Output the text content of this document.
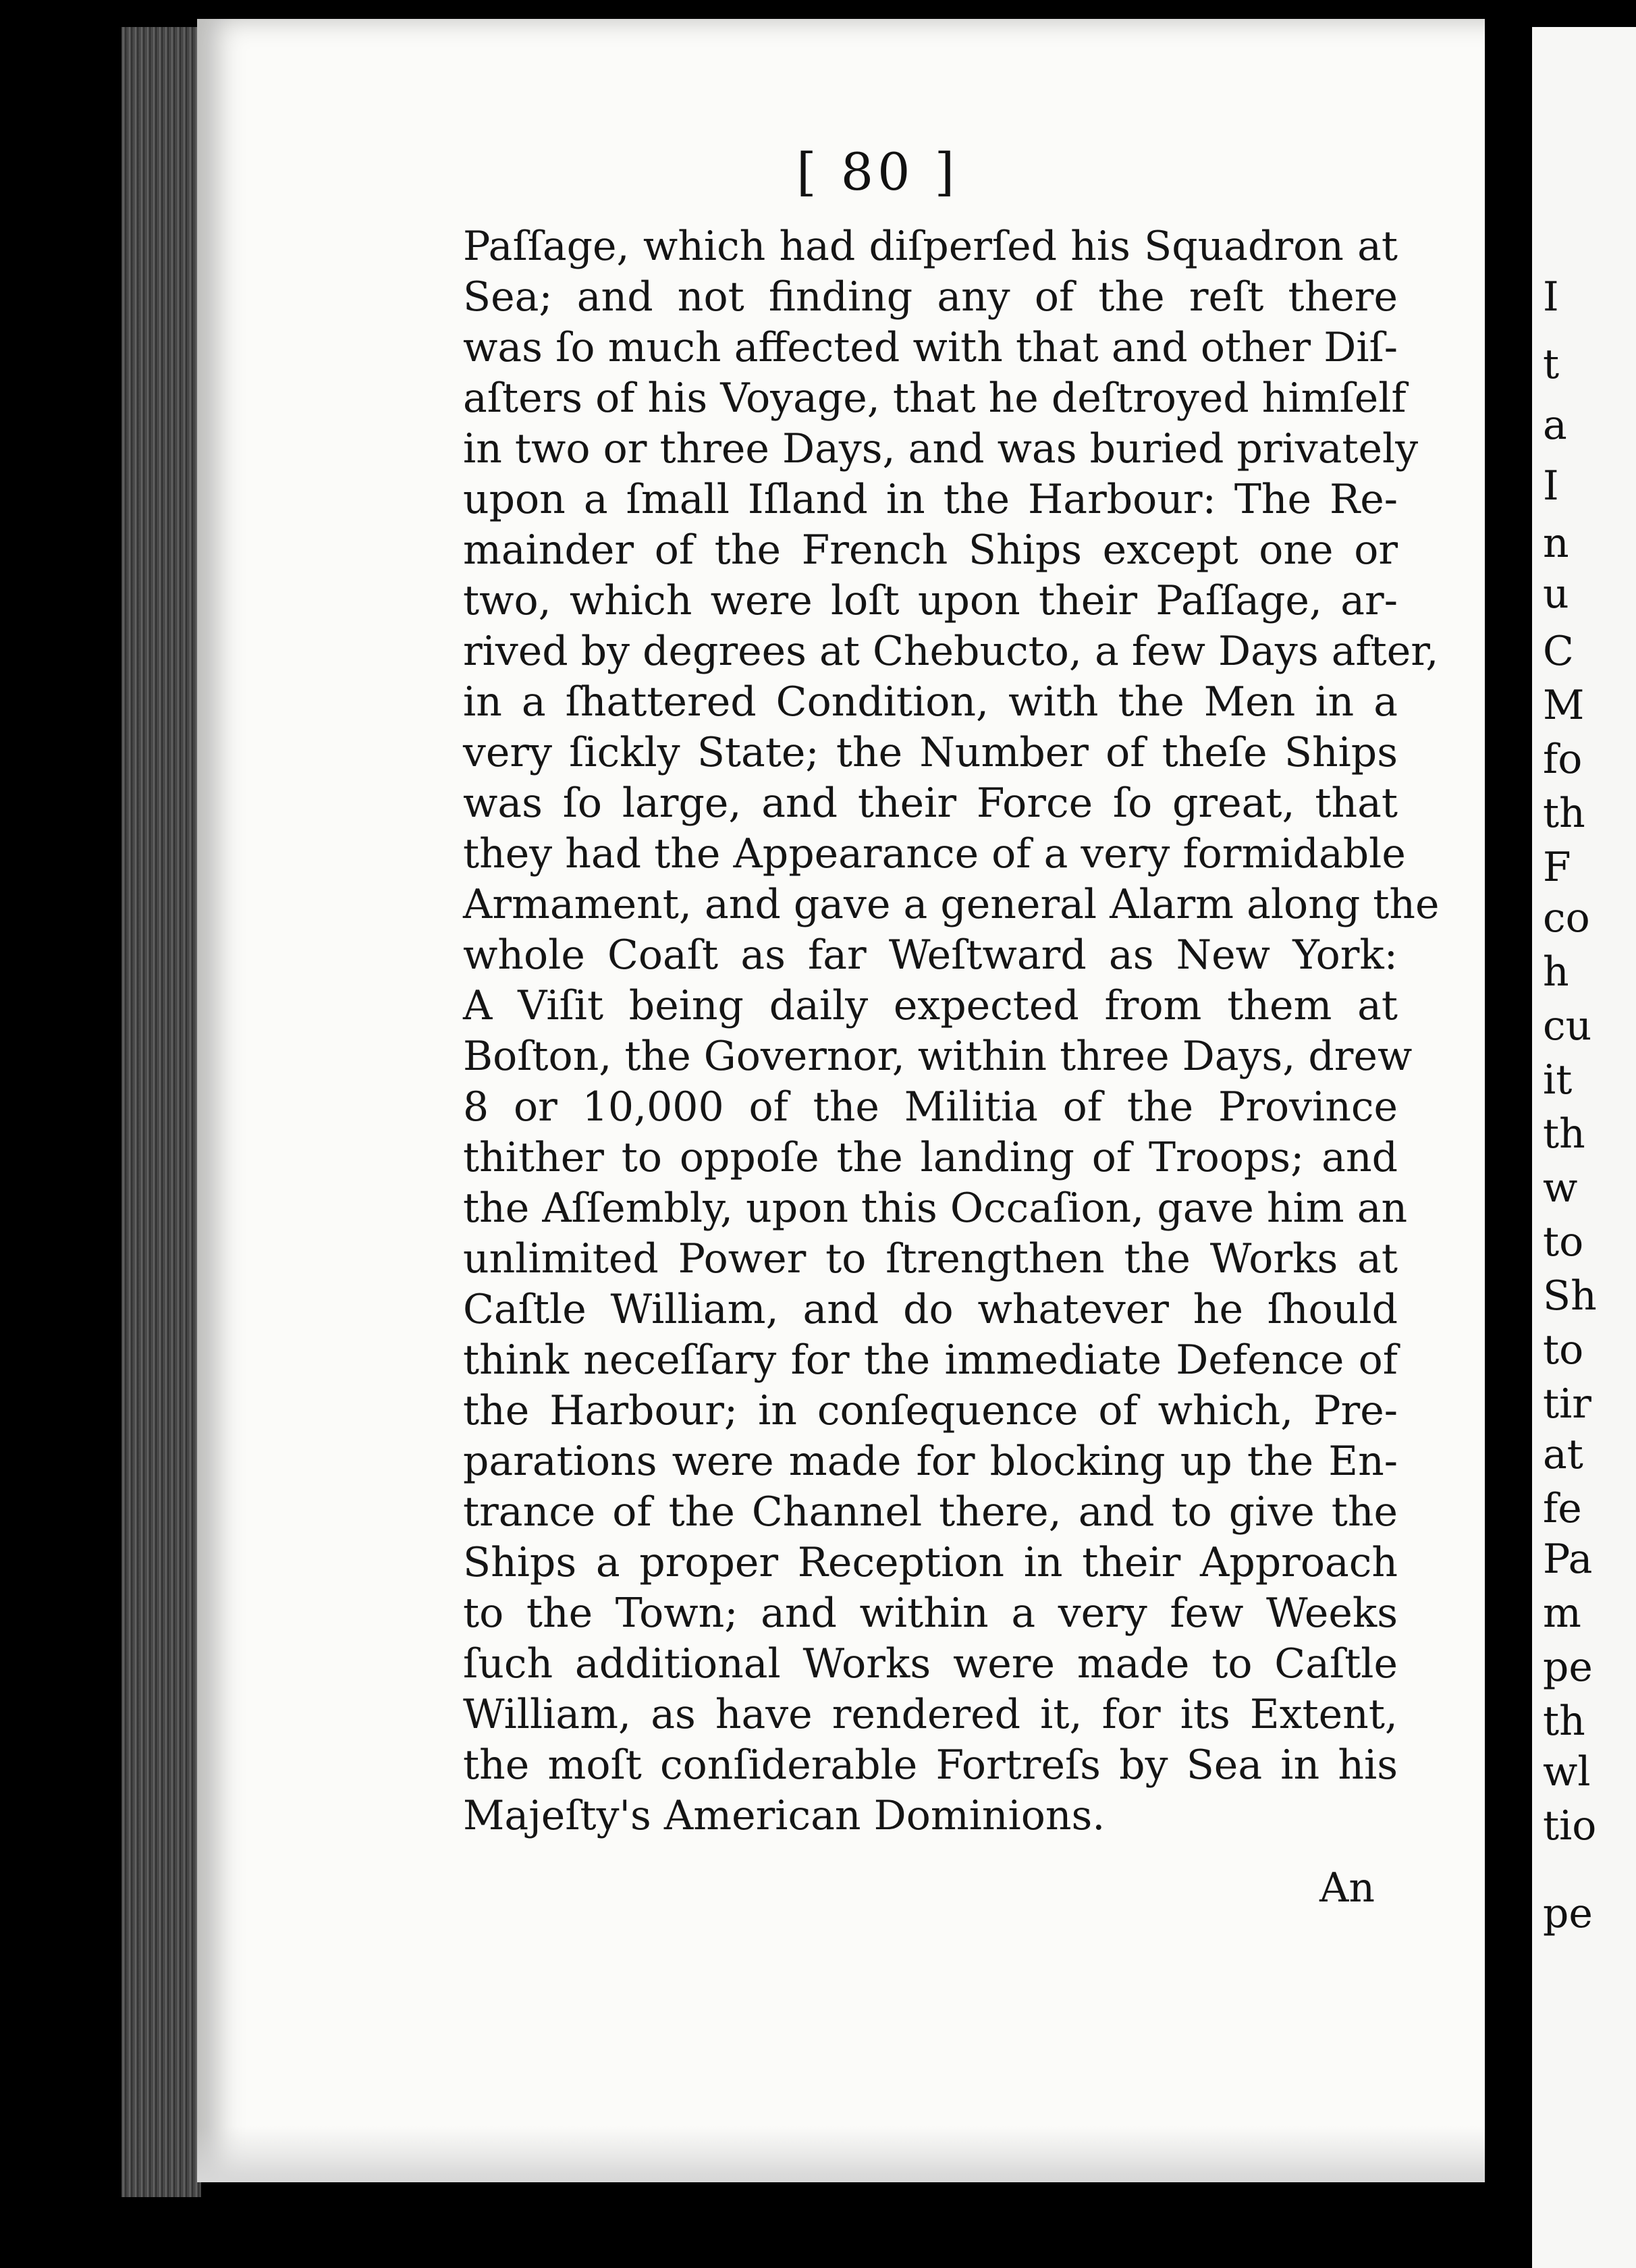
[ 80 ]
Paſſage, which had diſperſed his Squadron at
Sea; and not finding any of the reſt there
was ſo much affected with that and other Diſ-
aſters of his Voyage, that he deſtroyed himſelf
in two or three Days, and was buried privately
upon a ſmall Iſland in the Harbour: The Re-
mainder of the French Ships except one or
two, which were loſt upon their Paſſage, ar-
rived by degrees at Chebucto, a few Days after,
in a ſhattered Condition, with the Men in a
very ſickly State; the Number of theſe Ships
was ſo large, and their Force ſo great, that
they had the Appearance of a very formidable
Armament, and gave a general Alarm along the
whole Coaſt as far Weſtward as New York:
A Viſit being daily expected from them at
Boſton, the Governor, within three Days, drew
8 or 10,000 of the Militia of the Province
thither to oppoſe the landing of Troops; and
the Aſſembly, upon this Occaſion, gave him an
unlimited Power to ſtrengthen the Works at
Caſtle William, and do whatever he ſhould
think neceſſary for the immediate Defence of
the Harbour; in conſequence of which, Pre-
parations were made for blocking up the En-
trance of the Channel there, and to give the
Ships a proper Reception in their Approach
to the Town; and within a very few Weeks
ſuch additional Works were made to Caſtle
William, as have rendered it, for its Extent,
the moſt conſiderable Fortreſs by Sea in his
Majeſty's American Dominions.
An
I
t
a
I
n
u
C
M
fo
th
F
co
h
cu
it
th
w
to
Sh
to
tir
at
fe
Pa
m
pe
th
wl
tio
pe
